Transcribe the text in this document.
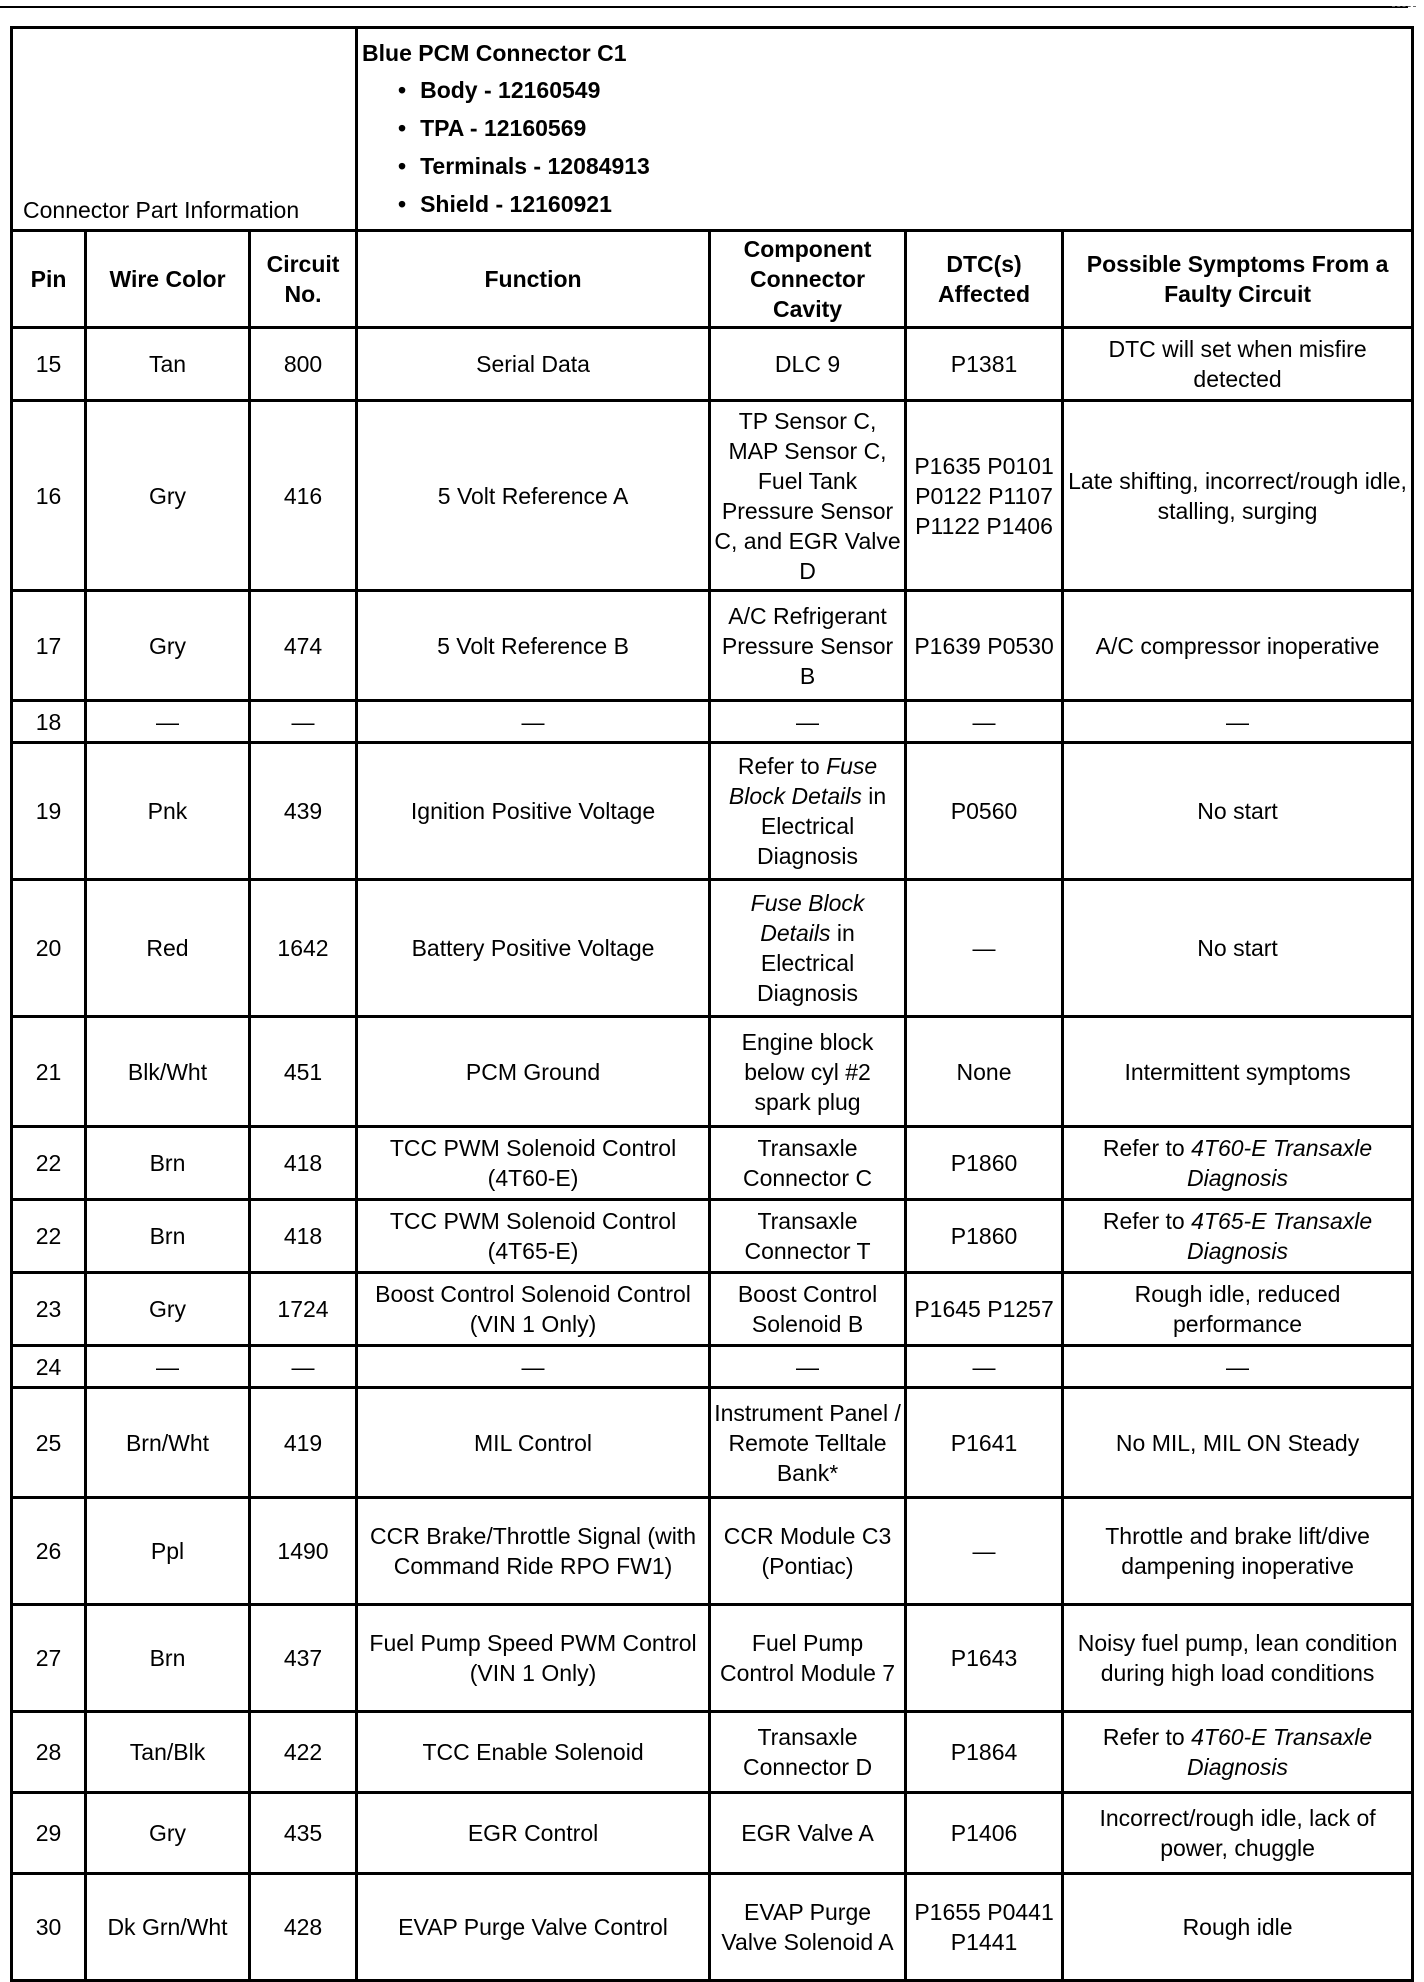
Connector Part Information			Blue PCM Connector C1
• Body - 12160549
• TPA - 12160569
• Terminals - 12084913
• Shield - 12160921

Pin	Wire Color	Circuit No.	Function	Component Connector Cavity	DTC(s) Affected	Possible Symptoms From a Faulty Circuit
15	Tan	800	Serial Data	DLC 9	P1381	DTC will set when misfire detected
16	Gry	416	5 Volt Reference A	TP Sensor C, MAP Sensor C, Fuel Tank Pressure Sensor C, and EGR Valve D	P1635 P0101 P0122 P1107 P1122 P1406	Late shifting, incorrect/rough idle, stalling, surging
17	Gry	474	5 Volt Reference B	A/C Refrigerant Pressure Sensor B	P1639 P0530	A/C compressor inoperative
18	—	—	—	—	—	—
19	Pnk	439	Ignition Positive Voltage	Refer to Fuse Block Details in Electrical Diagnosis	P0560	No start
20	Red	1642	Battery Positive Voltage	Fuse Block Details in Electrical Diagnosis	—	No start
21	Blk/Wht	451	PCM Ground	Engine block below cyl #2 spark plug	None	Intermittent symptoms
22	Brn	418	TCC PWM Solenoid Control (4T60-E)	Transaxle Connector C	P1860	Refer to 4T60-E Transaxle Diagnosis
22	Brn	418	TCC PWM Solenoid Control (4T65-E)	Transaxle Connector T	P1860	Refer to 4T65-E Transaxle Diagnosis
23	Gry	1724	Boost Control Solenoid Control (VIN 1 Only)	Boost Control Solenoid B	P1645 P1257	Rough idle, reduced performance
24	—	—	—	—	—	—
25	Brn/Wht	419	MIL Control	Instrument Panel / Remote Telltale Bank*	P1641	No MIL, MIL ON Steady
26	Ppl	1490	CCR Brake/Throttle Signal (with Command Ride RPO FW1)	CCR Module C3 (Pontiac)	—	Throttle and brake lift/dive dampening inoperative
27	Brn	437	Fuel Pump Speed PWM Control (VIN 1 Only)	Fuel Pump Control Module 7	P1643	Noisy fuel pump, lean condition during high load conditions
28	Tan/Blk	422	TCC Enable Solenoid	Transaxle Connector D	P1864	Refer to 4T60-E Transaxle Diagnosis
29	Gry	435	EGR Control	EGR Valve A	P1406	Incorrect/rough idle, lack of power, chuggle
30	Dk Grn/Wht	428	EVAP Purge Valve Control	EVAP Purge Valve Solenoid A	P1655 P0441 P1441	Rough idle
